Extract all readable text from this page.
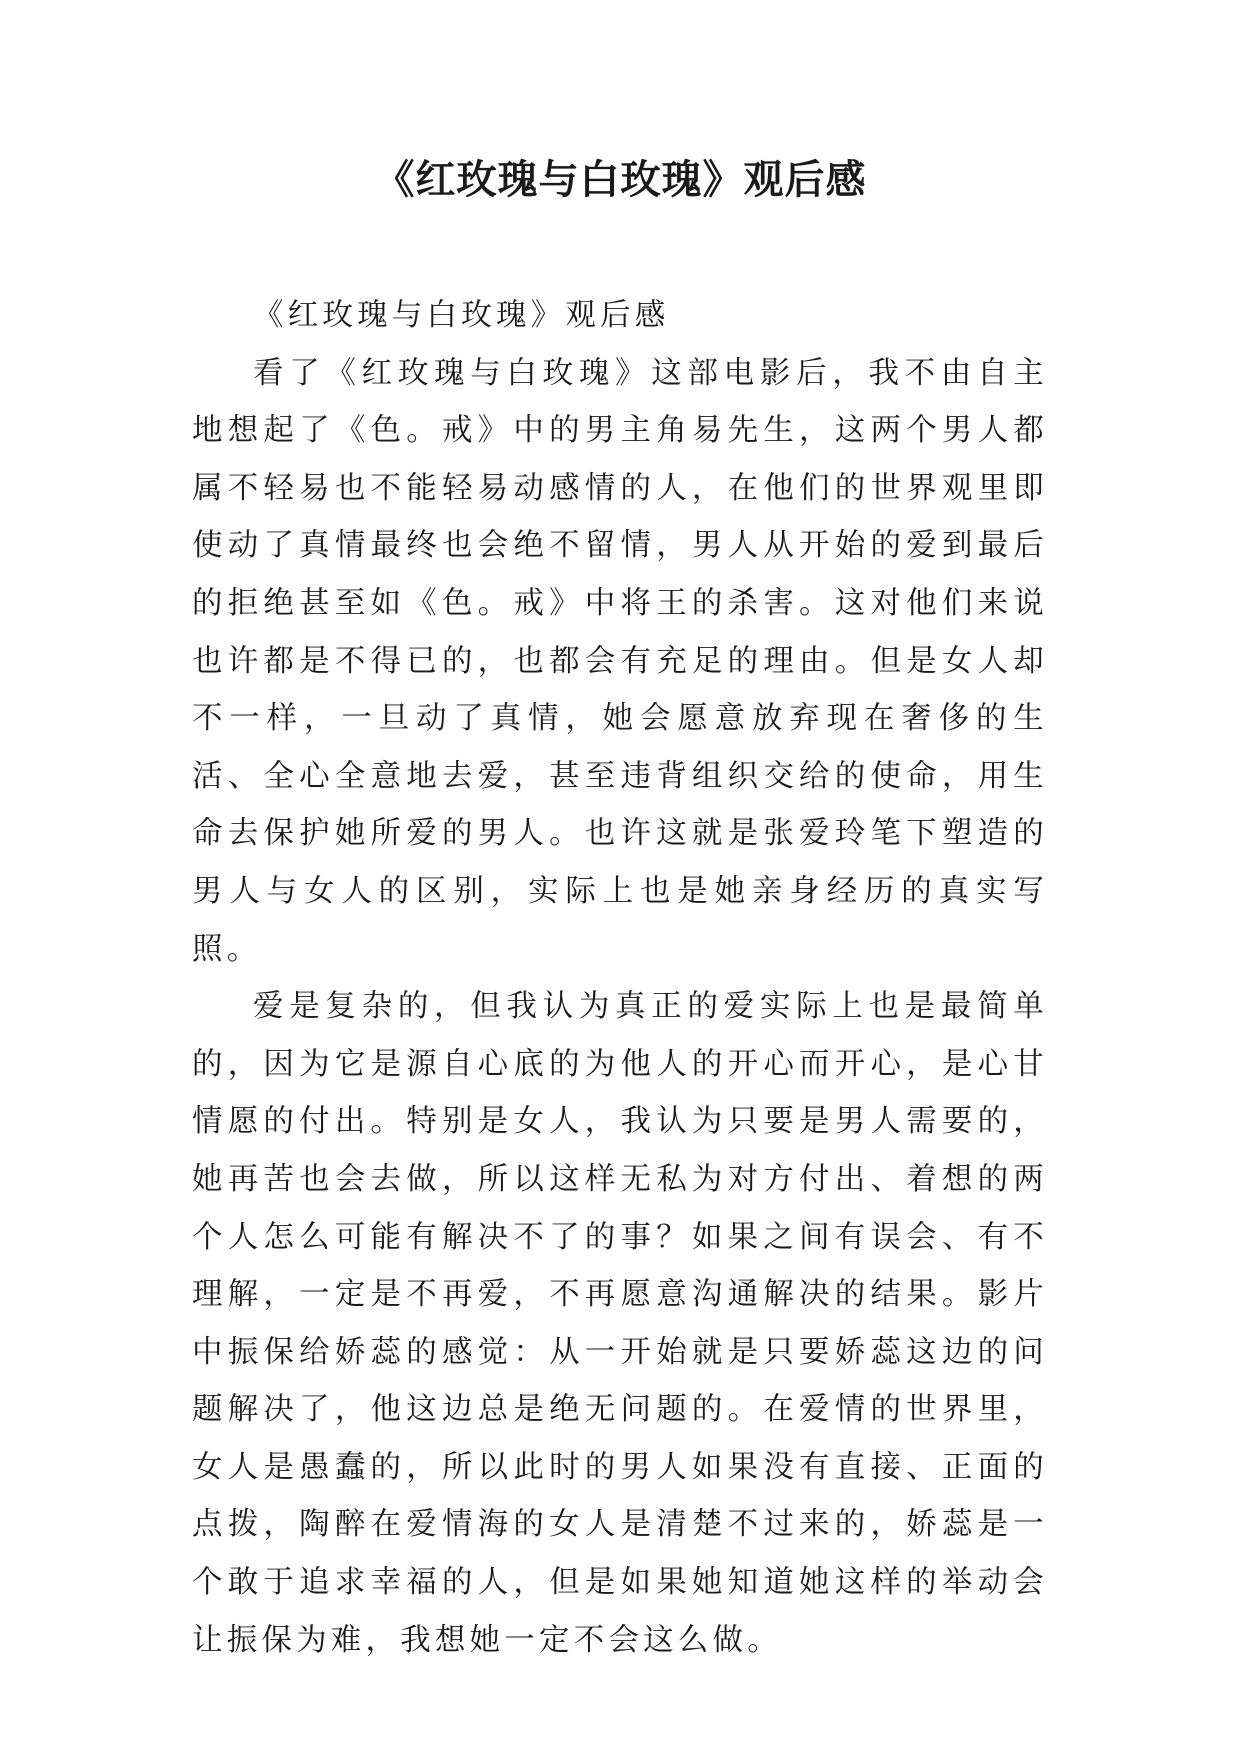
《红玫瑰与白玫瑰》观后感

《红玫瑰与白玫瑰》观后感

看了《红玫瑰与白玫瑰》这部电影后，我不由自主地想起了《色。戒》中的男主角易先生，这两个男人都属不轻易也不能轻易动感情的人，在他们的世界观里即使动了真情最终也会绝不留情，男人从开始的爱到最后的拒绝甚至如《色。戒》中将王的杀害。这对他们来说也许都是不得已的，也都会有充足的理由。但是女人却不一样，一旦动了真情，她会愿意放弃现在奢侈的生活、全心全意地去爱，甚至违背组织交给的使命，用生命去保护她所爱的男人。也许这就是张爱玲笔下塑造的男人与女人的区别，实际上也是她亲身经历的真实写照。

爱是复杂的，但我认为真正的爱实际上也是最简单的，因为它是源自心底的为他人的开心而开心，是心甘情愿的付出。特别是女人，我认为只要是男人需要的，她再苦也会去做，所以这样无私为对方付出、着想的两个人怎么可能有解决不了的事？如果之间有误会、有不理解，一定是不再爱，不再愿意沟通解决的结果。影片中振保给娇蕊的感觉：从一开始就是只要娇蕊这边的问题解决了，他这边总是绝无问题的。在爱情的世界里，女人是愚蠢的，所以此时的男人如果没有直接、正面的点拨，陶醉在爱情海的女人是清楚不过来的，娇蕊是一个敢于追求幸福的人，但是如果她知道她这样的举动会让振保为难，我想她一定不会这么做。
